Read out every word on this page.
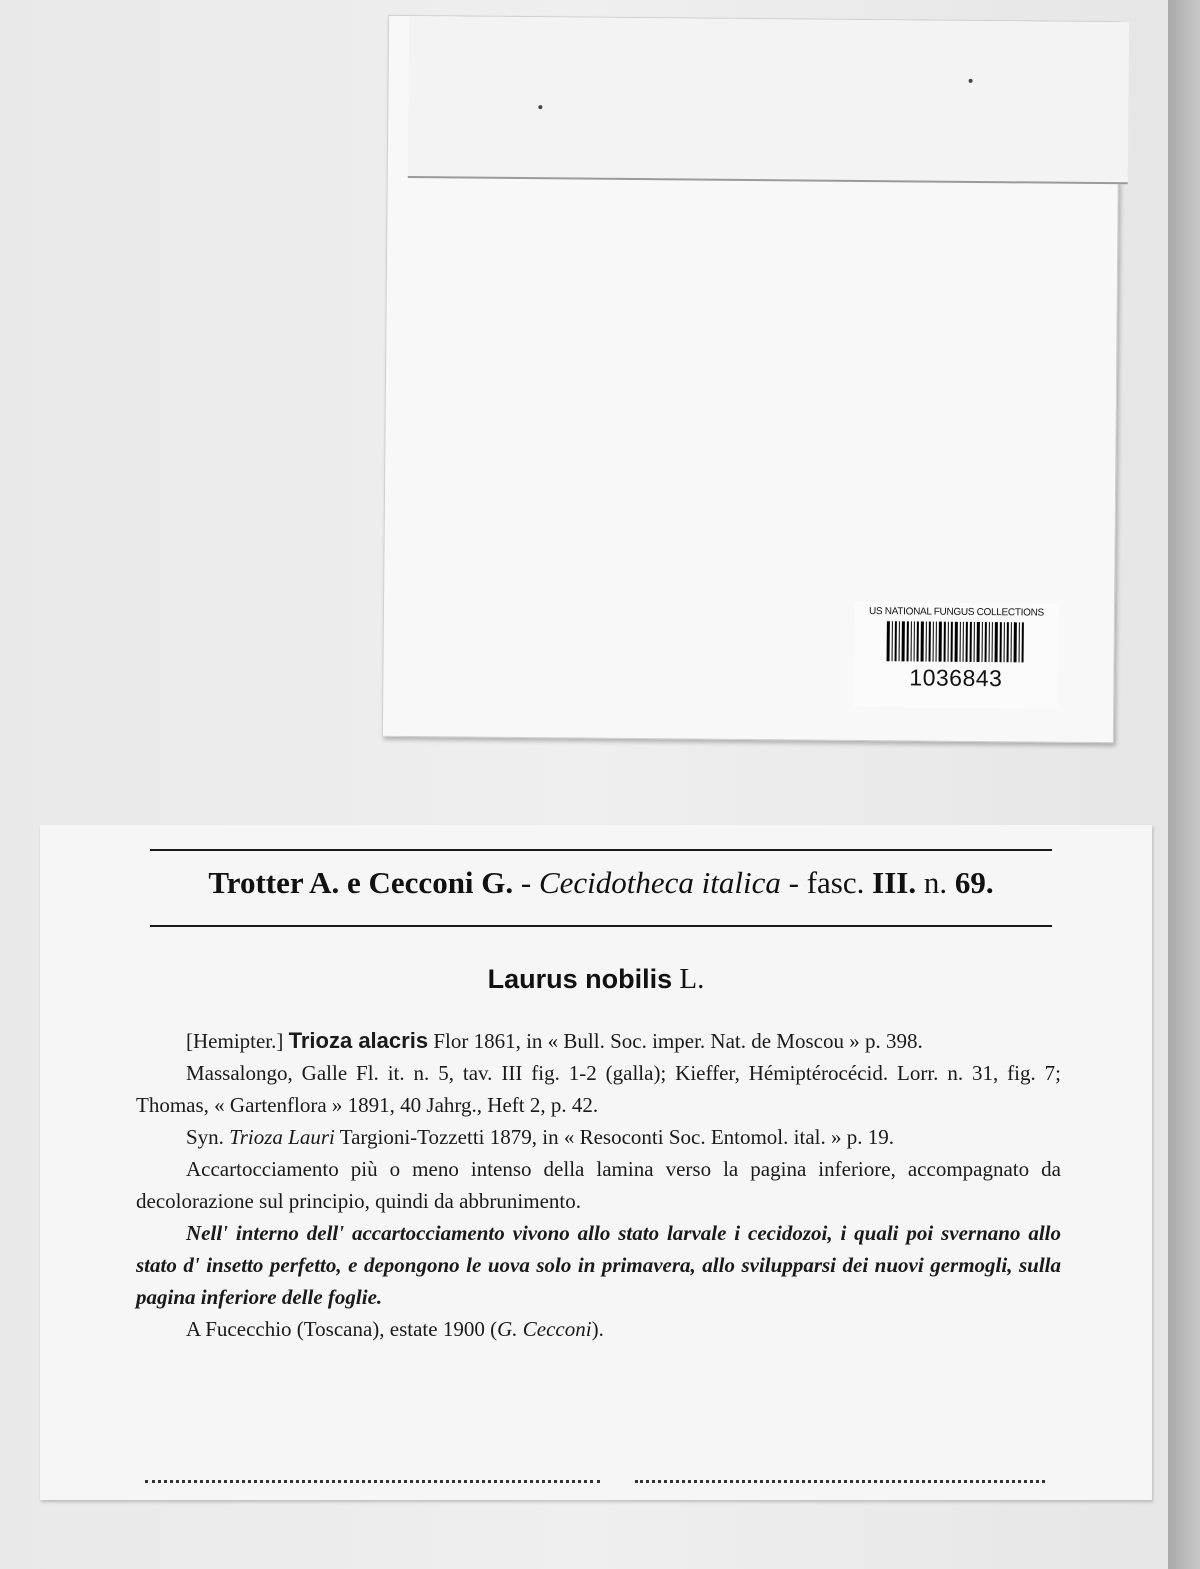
US NATIONAL FUNGUS COLLECTIONS
1036843
Trotter A. e Cecconi G. - Cecidotheca italica - fasc. III. n. 69.
Laurus nobilis L.

[Hemipter.] Trioza alacris Flor 1861, in « Bull. Soc. imper. Nat. de Moscou » p. 398.

Massalongo, Galle Fl. it. n. 5, tav. III fig. 1-2 (galla); Kieffer, Hémiptérocécid. Lorr. n. 31, fig. 7; Thomas, « Gartenflora » 1891, 40 Jahrg., Heft 2, p. 42.

Syn. Trioza Lauri Targioni-Tozzetti 1879, in « Resoconti Soc. Entomol. ital. » p. 19.

Accartocciamento più o meno intenso della lamina verso la pagina inferiore, accompagnato da decolorazione sul principio, quindi da abbrunimento.

Nell' interno dell' accartocciamento vivono allo stato larvale i cecidozoi, i quali poi svernano allo stato d' insetto perfetto, e depongono le uova solo in primavera, allo svilupparsi dei nuovi germogli, sulla pagina inferiore delle foglie.

A Fucecchio (Toscana), estate 1900 (G. Cecconi).
